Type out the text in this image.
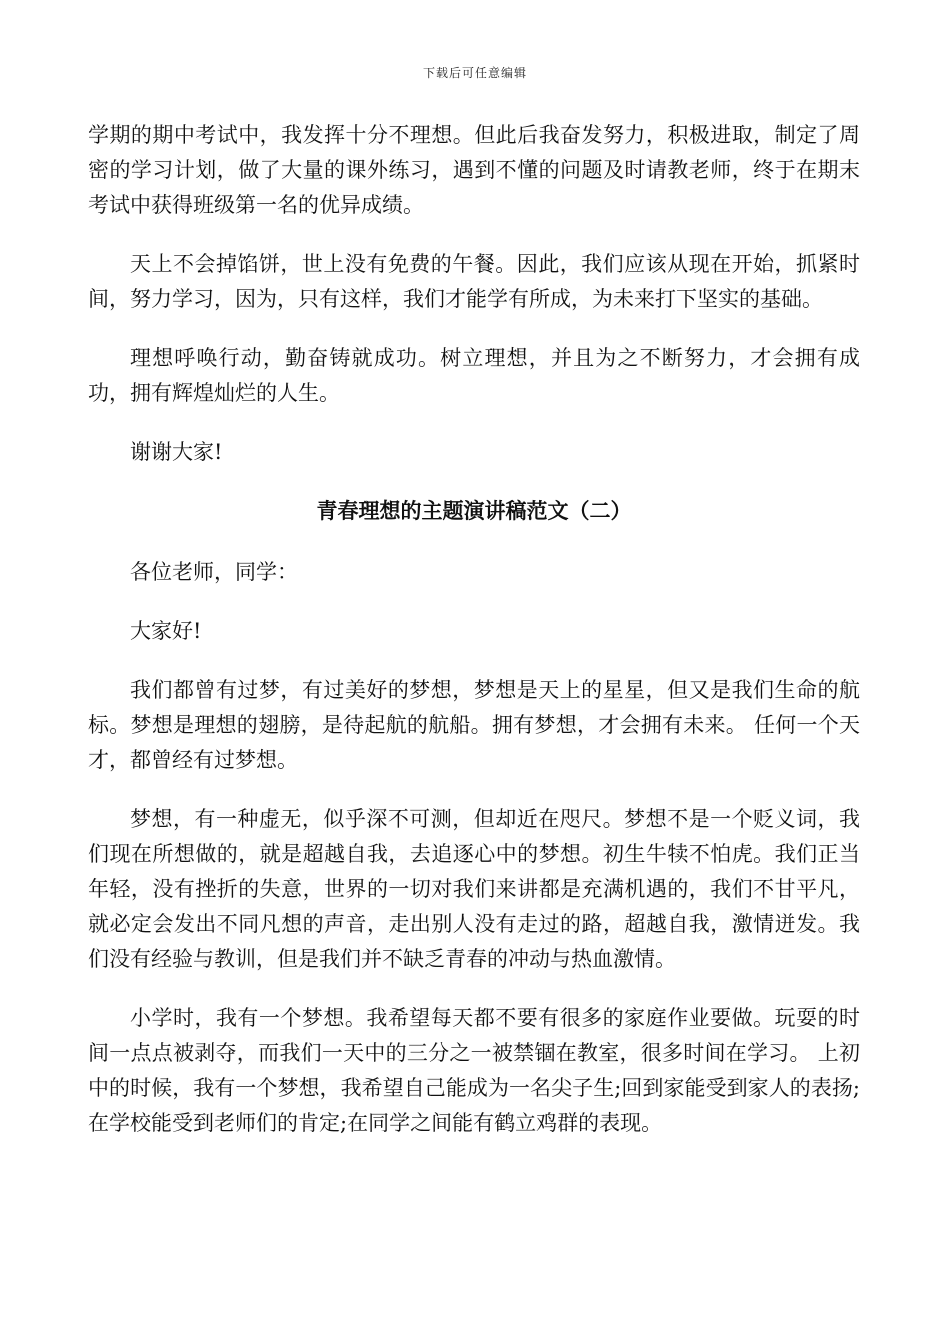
下载后可任意编辑

学期的期中考试中，我发挥十分不理想。但此后我奋发努力，积极进取，制定了周密的学习计划，做了大量的课外练习，遇到不懂的问题及时请教老师，终于在期末考试中获得班级第一名的优异成绩。

天上不会掉馅饼，世上没有免费的午餐。因此，我们应该从现在开始，抓紧时间，努力学习，因为，只有这样，我们才能学有所成，为未来打下坚实的基础。

理想呼唤行动，勤奋铸就成功。树立理想，并且为之不断努力，才会拥有成功，拥有辉煌灿烂的人生。

谢谢大家!

青春理想的主题演讲稿范文（二）

各位老师，同学：

大家好!

我们都曾有过梦，有过美好的梦想，梦想是天上的星星，但又是我们生命的航标。梦想是理想的翅膀，是待起航的航船。拥有梦想，才会拥有未来。 任何一个天才，都曾经有过梦想。

梦想，有一种虚无，似乎深不可测，但却近在咫尺。梦想不是一个贬义词，我们现在所想做的，就是超越自我，去追逐心中的梦想。初生牛犊不怕虎。我们正当年轻，没有挫折的失意，世界的一切对我们来讲都是充满机遇的，我们不甘平凡，就必定会发出不同凡想的声音，走出别人没有走过的路，超越自我，激情迸发。我们没有经验与教训，但是我们并不缺乏青春的冲动与热血激情。

小学时，我有一个梦想。我希望每天都不要有很多的家庭作业要做。玩耍的时间一点点被剥夺，而我们一天中的三分之一被禁锢在教室，很多时间在学习。 上初中的时候，我有一个梦想，我希望自己能成为一名尖子生;回到家能受到家人的表扬;在学校能受到老师们的肯定;在同学之间能有鹤立鸡群的表现。
